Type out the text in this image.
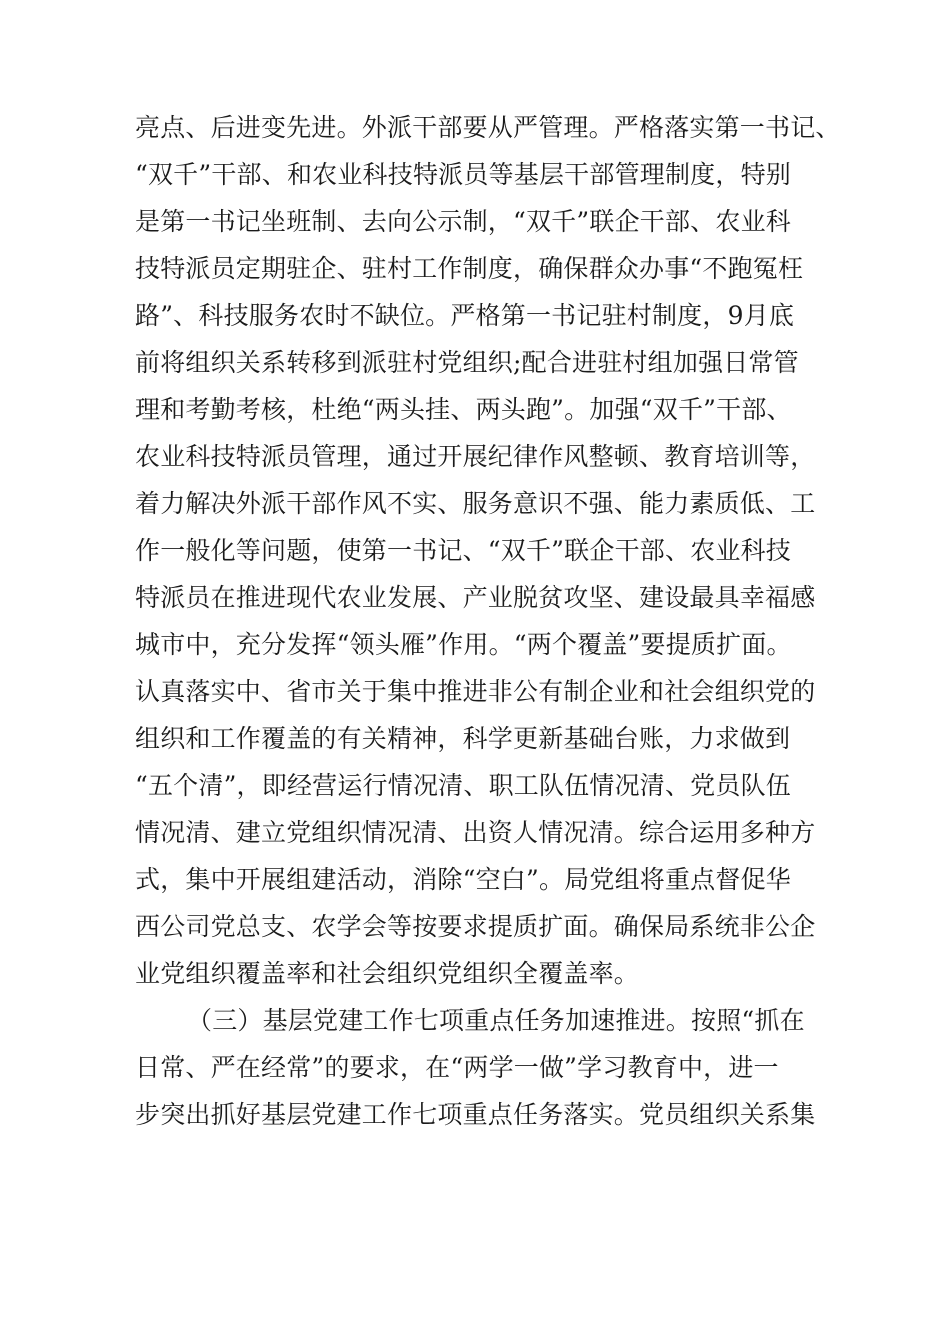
亮点、后进变先进。外派干部要从严管理。严格落实第一书记、
“双千”干部、和农业科技特派员等基层干部管理制度，特别
是第一书记坐班制、去向公示制，“双千”联企干部、农业科
技特派员定期驻企、驻村工作制度，确保群众办事“不跑冤枉
路”、科技服务农时不缺位。严格第一书记驻村制度，9月底
前将组织关系转移到派驻村党组织;配合进驻村组加强日常管
理和考勤考核，杜绝“两头挂、两头跑”。加强“双千”干部、
农业科技特派员管理，通过开展纪律作风整顿、教育培训等，
着力解决外派干部作风不实、服务意识不强、能力素质低、工
作一般化等问题，使第一书记、“双千”联企干部、农业科技
特派员在推进现代农业发展、产业脱贫攻坚、建设最具幸福感
城市中，充分发挥“领头雁”作用。“两个覆盖”要提质扩面。
认真落实中、省市关于集中推进非公有制企业和社会组织党的
组织和工作覆盖的有关精神，科学更新基础台账，力求做到
“五个清”，即经营运行情况清、职工队伍情况清、党员队伍
情况清、建立党组织情况清、出资人情况清。综合运用多种方
式，集中开展组建活动，消除“空白”。局党组将重点督促华
西公司党总支、农学会等按要求提质扩面。确保局系统非公企
业党组织覆盖率和社会组织党组织全覆盖率。
（三）基层党建工作七项重点任务加速推进。按照“抓在
日常、严在经常”的要求，在“两学一做”学习教育中，进一
步突出抓好基层党建工作七项重点任务落实。党员组织关系集
